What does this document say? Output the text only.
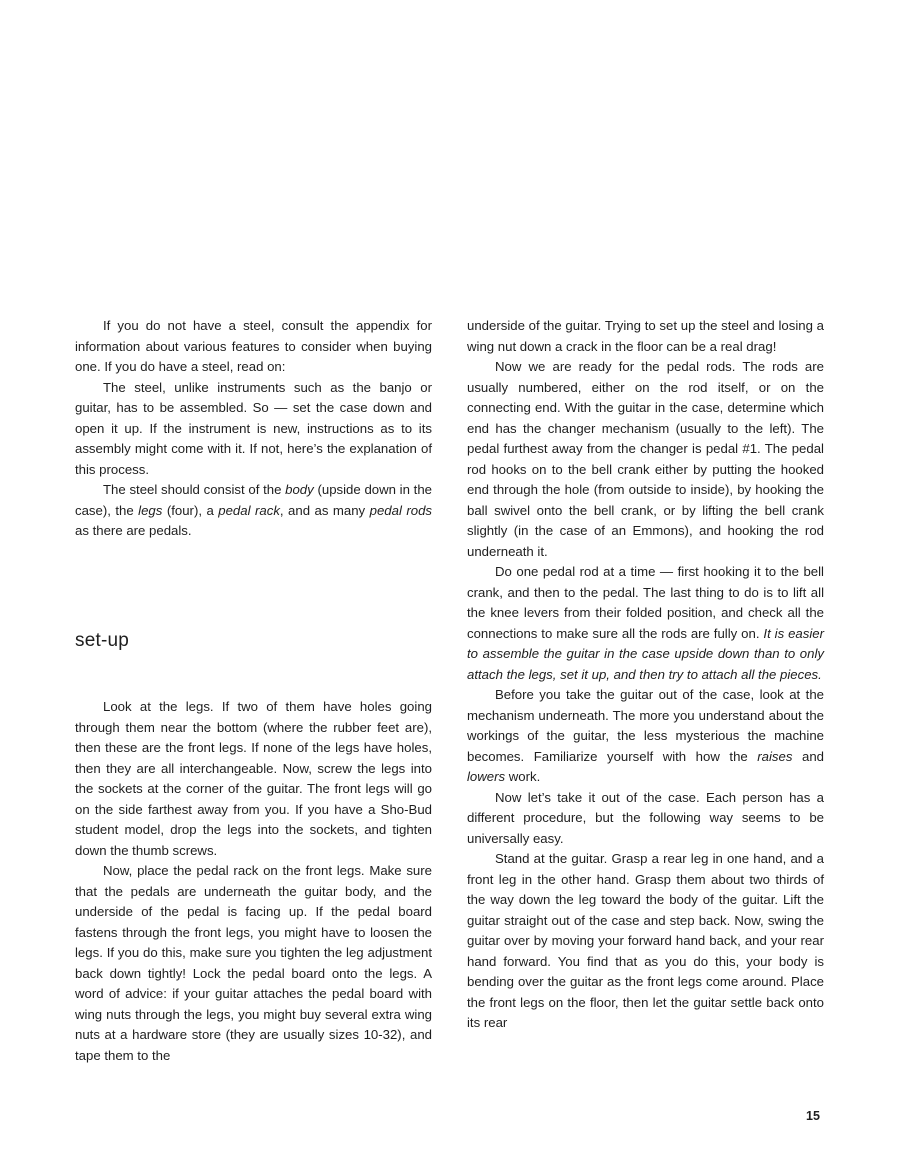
If you do not have a steel, consult the appendix for information about various features to consider when buying one. If you do have a steel, read on:

The steel, unlike instruments such as the banjo or guitar, has to be assembled. So — set the case down and open it up. If the instrument is new, instructions as to its assembly might come with it. If not, here’s the explanation of this process.

The steel should consist of the body (upside down in the case), the legs (four), a pedal rack, and as many pedal rods as there are pedals.

Look at the legs. If two of them have holes going through them near the bottom (where the rubber feet are), then these are the front legs. If none of the legs have holes, then they are all interchangeable. Now, screw the legs into the sockets at the corner of the guitar. The front legs will go on the side farthest away from you. If you have a Sho-Bud student model, drop the legs into the sockets, and tighten down the thumb screws.

Now, place the pedal rack on the front legs. Make sure that the pedals are underneath the guitar body, and the underside of the pedal is facing up. If the pedal board fastens through the front legs, you might have to loosen the legs. If you do this, make sure you tighten the leg adjustment back down tightly! Lock the pedal board onto the legs. A word of advice: if your guitar attaches the pedal board with wing nuts through the legs, you might buy several extra wing nuts at a hardware store (they are usually sizes 10-32), and tape them to the

set-up

underside of the guitar. Trying to set up the steel and losing a wing nut down a crack in the floor can be a real drag!

Now we are ready for the pedal rods. The rods are usually numbered, either on the rod itself, or on the connecting end. With the guitar in the case, determine which end has the changer mechanism (usually to the left). The pedal furthest away from the changer is pedal #1. The pedal rod hooks on to the bell crank either by putting the hooked end through the hole (from outside to inside), by hooking the ball swivel onto the bell crank, or by lifting the bell crank slightly (in the case of an Emmons), and hooking the rod underneath it.

Do one pedal rod at a time — first hooking it to the bell crank, and then to the pedal. The last thing to do is to lift all the knee levers from their folded position, and check all the connections to make sure all the rods are fully on. It is easier to assemble the guitar in the case upside down than to only attach the legs, set it up, and then try to attach all the pieces.

Before you take the guitar out of the case, look at the mechanism underneath. The more you understand about the workings of the guitar, the less mysterious the machine becomes. Familiarize yourself with how the raises and lowers work.

Now let’s take it out of the case. Each person has a different procedure, but the following way seems to be universally easy.

Stand at the guitar. Grasp a rear leg in one hand, and a front leg in the other hand. Grasp them about two thirds of the way down the leg toward the body of the guitar. Lift the guitar straight out of the case and step back. Now, swing the guitar over by moving your forward hand back, and your rear hand forward. You find that as you do this, your body is bending over the guitar as the front legs come around. Place the front legs on the floor, then let the guitar settle back onto its rear

15
